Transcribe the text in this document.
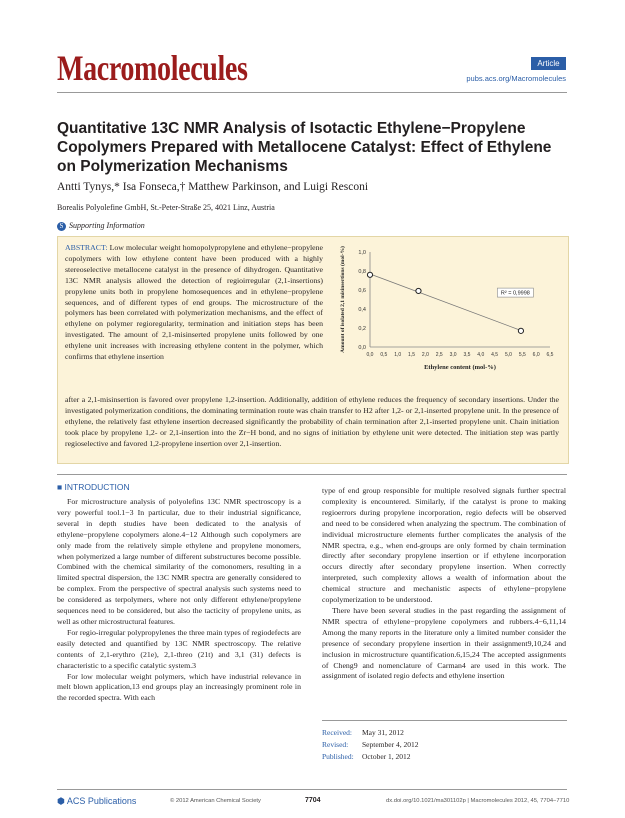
Macromolecules	Article
pubs.acs.org/Macromolecules
Quantitative 13C NMR Analysis of Isotactic Ethylene−Propylene Copolymers Prepared with Metallocene Catalyst: Effect of Ethylene on Polymerization Mechanisms
Antti Tynys,* Isa Fonseca,† Matthew Parkinson, and Luigi Resconi
Borealis Polyolefine GmbH, St.-Peter-Straße 25, 4021 Linz, Austria
S Supporting Information
ABSTRACT: Low molecular weight homopolypropylene and ethylene−propylene copolymers with low ethylene content have been produced with a highly stereoselective metallocene catalyst in the presence of dihydrogen. Quantitative 13C NMR analysis allowed the detection of regioirregular (2,1-insertions) propylene units both in propylene homosequences and in ethylene−propylene sequences, and of different types of end groups. The microstructure of the polymers has been correlated with polymerization mechanisms, and the effect of ethylene on polymer regioregularity, termination and initiation steps has been investigated. The amount of 2,1-misinserted propylene units followed by one ethylene unit increases with increasing ethylene content in the polymer, which confirms that ethylene insertion
after a 2,1-misinsertion is favored over propylene 1,2-insertion. Additionally, addition of ethylene reduces the frequency of secondary insertions. Under the investigated polymerization conditions, the dominating termination route was chain transfer to H2 after 1,2- or 2,1-inserted propylene unit. In the presence of ethylene, the relatively fast ethylene insertion decreased significantly the probability of chain termination after 2,1-inserted propylene unit. Chain initiation took place by propylene 1,2- or 2,1-insertion into the Zr−H bond, and no signs of initiation by ethylene unit were detected. The initiation step was partly regioselective and favored 1,2-propylene insertion over 2,1-insertion.
0,0
0,2
0,4
0,6
0,8
1,0
0,0 0,5 1,0 1,5 2,0 2,5 3,0 3,5 4,0 4,5 5,0 5,5 6,0 6,5
R² = 0,9998
Ethylene content (mol-%)
Amount of isolated 2,1 misinsertions (mol-%)
■ INTRODUCTION

For microstructure analysis of polyolefins 13C NMR spectroscopy is a very powerful tool.1−3 In particular, due to their industrial significance, several in depth studies have been dedicated to the analysis of ethylene−propylene copolymers alone.4−12 Although such copolymers are only made from the relatively simple ethylene and propylene monomers, when polymerized a large number of different substructures become possible. Combined with the chemical similarity of the comonomers, resulting in a limited spectral dispersion, the 13C NMR spectra are generally considered to be complex. From the perspective of spectral analysis such systems need to be considered as terpolymers, where not only different ethylene/propylene sequences need to be considered, but also the tacticity of propylene units, as well as other microstructural features.

For regio-irregular polypropylenes the three main types of regiodefects are easily detected and quantified by 13C NMR spectroscopy. The relative contents of 2,1-erythro (21e), 2,1-threo (21t) and 3,1 (31) defects is characteristic to a specific catalytic system.3

For low molecular weight polymers, which have industrial relevance in melt blown application,13 end groups play an increasingly prominent role in the recorded spectra. With each

type of end group responsible for multiple resolved signals further spectral complexity is encountered. Similarly, if the catalyst is prone to making regioerrors during propylene incorporation, regio defects will be observed and need to be considered when analyzing the spectrum. The combination of individual microstructure elements further complicates the analysis of the NMR spectra, e.g., when end-groups are only formed by chain termination directly after secondary propylene insertion or if ethylene incorporation occurs directly after secondary propylene insertion. When correctly interpreted, such complexity allows a wealth of information about the chemical structure and mechanistic aspects of ethylene−propylene copolymerization to be understood.

There have been several studies in the past regarding the assignment of NMR spectra of ethylene−propylene copolymers and rubbers.4−6,11,14 Among the many reports in the literature only a limited number consider the presence of secondary propylene insertion in their assignment9,10,24 and inclusion in microstructure quantification.6,15,24 The accepted assignments of Cheng9 and nomenclature of Carman4 are used in this work. The assignment of isolated regio defects and ethylene insertion

Received: May 31, 2012
Revised: September 4, 2012
Published: October 1, 2012
⬢ ACS Publications	© 2012 American Chemical Society	7704	dx.doi.org/10.1021/ma301102p | Macromolecules 2012, 45, 7704−7710
